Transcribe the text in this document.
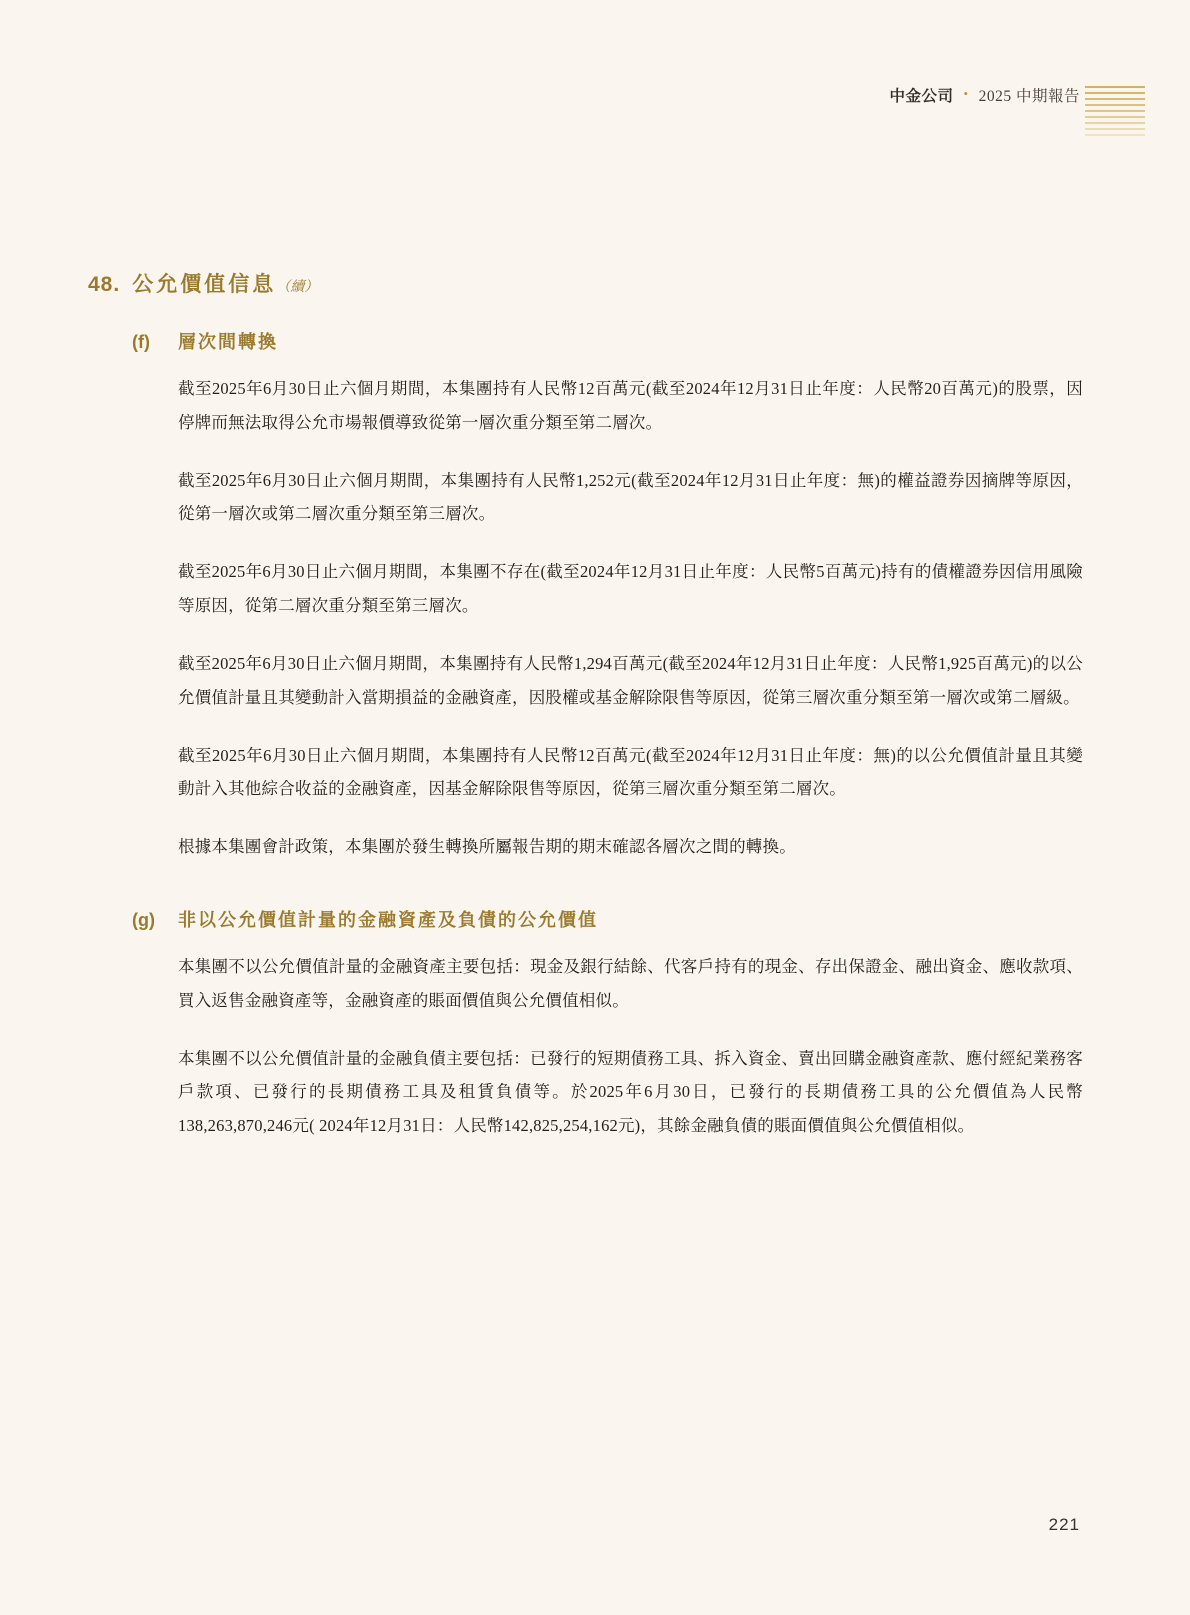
中金公司 • 2025 中期報告
48. 公允價值信息（續）
(f)	層次間轉換

截至2025年6月30日止六個月期間，本集團持有人民幣12百萬元(截至2024年12月31日止年度：人民幣20百萬元)的股票，因停牌而無法取得公允市場報價導致從第一層次重分類至第二層次。

截至2025年6月30日止六個月期間，本集團持有人民幣1,252元(截至2024年12月31日止年度：無)的權益證券因摘牌等原因，從第一層次或第二層次重分類至第三層次。

截至2025年6月30日止六個月期間，本集團不存在(截至2024年12月31日止年度：人民幣5百萬元)持有的債權證券因信用風險等原因，從第二層次重分類至第三層次。

截至2025年6月30日止六個月期間，本集團持有人民幣1,294百萬元(截至2024年12月31日止年度：人民幣1,925百萬元)的以公允價值計量且其變動計入當期損益的金融資產，因股權或基金解除限售等原因，從第三層次重分類至第一層次或第二層級。

截至2025年6月30日止六個月期間，本集團持有人民幣12百萬元(截至2024年12月31日止年度：無)的以公允價值計量且其變動計入其他綜合收益的金融資產，因基金解除限售等原因，從第三層次重分類至第二層次。

根據本集團會計政策，本集團於發生轉換所屬報告期的期末確認各層次之間的轉換。

(g)	非以公允價值計量的金融資產及負債的公允價值

本集團不以公允價值計量的金融資產主要包括：現金及銀行結餘、代客戶持有的現金、存出保證金、融出資金、應收款項、買入返售金融資產等，金融資產的賬面價值與公允價值相似。

本集團不以公允價值計量的金融負債主要包括：已發行的短期債務工具、拆入資金、賣出回購金融資產款、應付經紀業務客戶款項、已發行的長期債務工具及租賃負債等。於2025年6月30日，已發行的長期債務工具的公允價值為人民幣138,263,870,246元( 2024年12月31日：人民幣142,825,254,162元)，其餘金融負債的賬面價值與公允價值相似。

221
